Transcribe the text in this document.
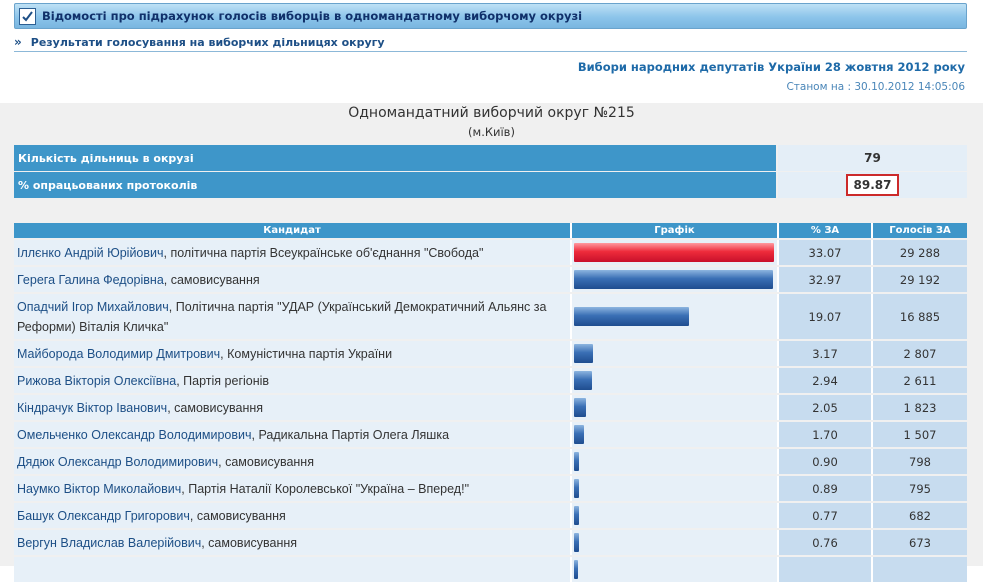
Відомості про підрахунок голосів виборців в одномандатному виборчому окрузі
» Результати голосування на виборчих дільницях округу
Вибори народних депутатів України 28 жовтня 2012 року
Станом на : 30.10.2012 14:05:06
Одномандатний виборчий округ №215
(м.Київ)
Кількість дільниць в окрузі	79
% опрацьованих протоколів	89.87
Кандидат	Графік	% ЗА	Голосів ЗА
Іллєнко Андрій Юрійович, політична партія Всеукраїнське об'єднання "Свобода"		33.07	29 288
Герега Галина Федорівна, самовисування		32.97	29 192
Опадчий Ігор Михайлович, Політична партія "УДАР (Український Демократичний Альянс за Реформи) Віталія Кличка"		19.07	16 885
Майборода Володимир Дмитрович, Комуністична партія України		3.17	2 807
Рижова Вікторія Олексіївна, Партія регіонів		2.94	2 611
Кіндрачук Віктор Іванович, самовисування		2.05	1 823
Омельченко Олександр Володимирович, Радикальна Партія Олега Ляшка		1.70	1 507
Дядюк Олександр Володимирович, самовисування		0.90	798
Наумко Віктор Миколайович, Партія Наталії Королевської "Україна – Вперед!"		0.89	795
Башук Олександр Григорович, самовисування		0.77	682
Вергун Владислав Валерійович, самовисування		0.76	673
